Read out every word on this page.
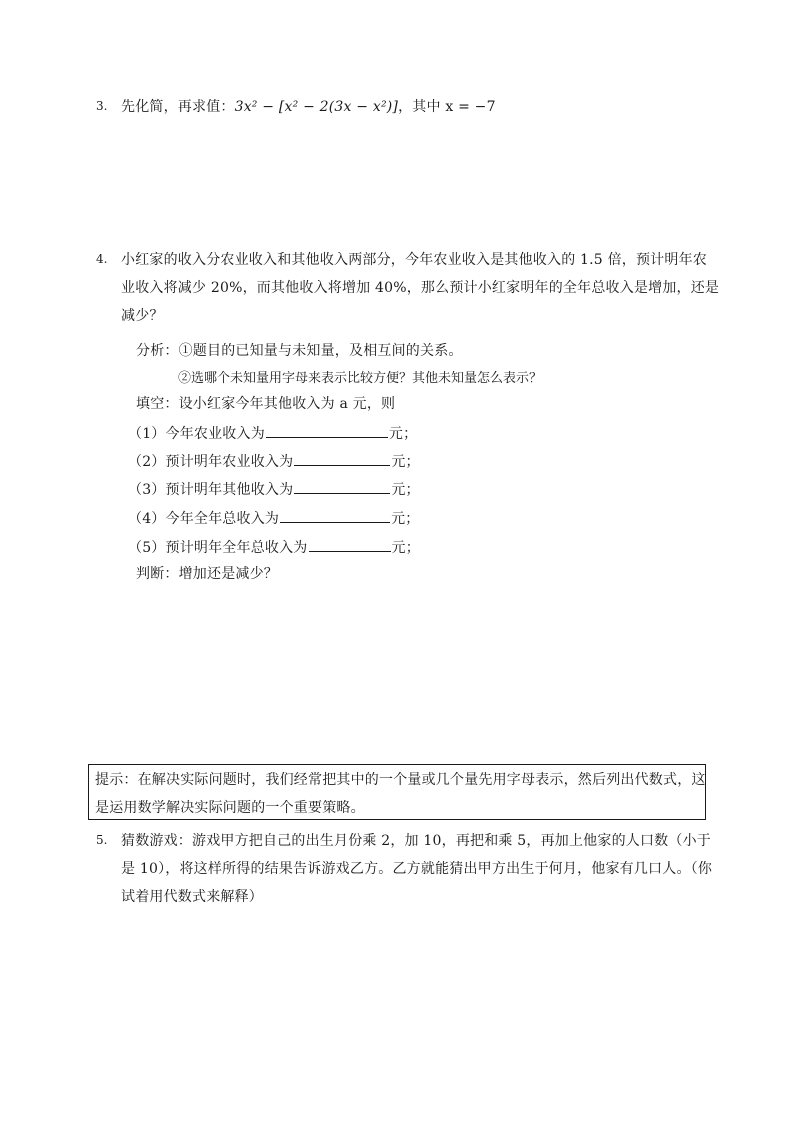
3. 先化简，再求值：3x² − [x² − 2(3x − x²)]，其中 x = −7
4. 小红家的收入分农业收入和其他收入两部分，今年农业收入是其他收入的 1.5 倍，预计明年农
业收入将减少 20%，而其他收入将增加 40%，那么预计小红家明年的全年总收入是增加，还是
减少？
分析：①题目的已知量与未知量，及相互间的关系。
②选哪个未知量用字母来表示比较方便？其他未知量怎么表示？
填空：设小红家今年其他收入为 a 元，则
（1）今年农业收入为	元；
（2）预计明年农业收入为	元；
（3）预计明年其他收入为	元；
（4）今年全年总收入为	元；
（5）预计明年全年总收入为	元；
判断：增加还是减少？
提示：在解决实际问题时，我们经常把其中的一个量或几个量先用字母表示，然后列出代数式，这
是运用数学解决实际问题的一个重要策略。
5. 猜数游戏：游戏甲方把自己的出生月份乘 2，加 10，再把和乘 5，再加上他家的人口数（小于
是 10），将这样所得的结果告诉游戏乙方。乙方就能猜出甲方出生于何月，他家有几口人。（你
试着用代数式来解释）
